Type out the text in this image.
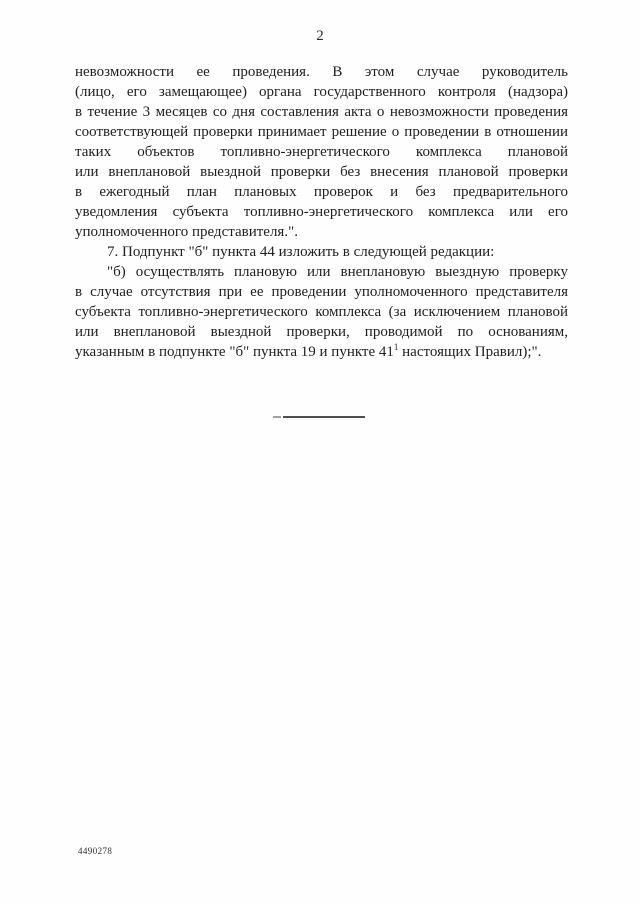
2
невозможности ее проведения. В этом случае руководитель
(лицо, его замещающее) органа государственного контроля (надзора)
в течение 3 месяцев со дня составления акта о невозможности проведения
соответствующей проверки принимает решение о проведении в отношении
таких объектов топливно-энергетического комплекса плановой
или внеплановой выездной проверки без внесения плановой проверки
в ежегодный план плановых проверок и без предварительного
уведомления субъекта топливно-энергетического комплекса или его
уполномоченного представителя.".
7. Подпункт "б" пункта 44 изложить в следующей редакции:
"б) осуществлять плановую или внеплановую выездную проверку
в случае отсутствия при ее проведении уполномоченного представителя
субъекта топливно-энергетического комплекса (за исключением плановой
или внеплановой выездной проверки, проводимой по основаниям,
указанным в подпункте "б" пункта 19 и пункте 41$^1$ настоящих Правил);".
4490278
